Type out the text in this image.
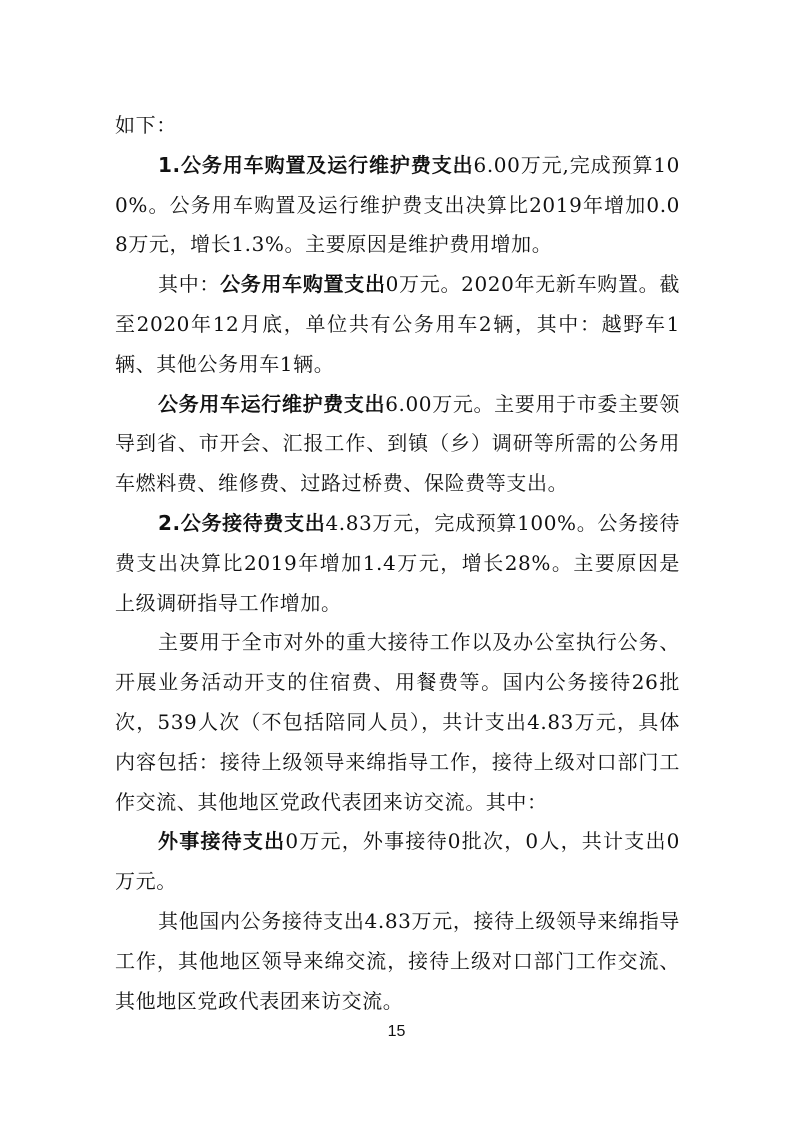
如下：

1.公务用车购置及运行维护费支出6.00万元,完成预算100%。公务用车购置及运行维护费支出决算比2019年增加0.08万元，增长1.3%。主要原因是维护费用增加。

其中：公务用车购置支出0万元。2020年无新车购置。截至2020年12月底，单位共有公务用车2辆，其中：越野车1辆、其他公务用车1辆。

公务用车运行维护费支出6.00万元。主要用于市委主要领导到省、市开会、汇报工作、到镇（乡）调研等所需的公务用车燃料费、维修费、过路过桥费、保险费等支出。

2.公务接待费支出4.83万元，完成预算100%。公务接待费支出决算比2019年增加1.4万元，增长28%。主要原因是上级调研指导工作增加。

主要用于全市对外的重大接待工作以及办公室执行公务、开展业务活动开支的住宿费、用餐费等。国内公务接待26批次，539人次（不包括陪同人员），共计支出4.83万元，具体内容包括：接待上级领导来绵指导工作，接待上级对口部门工作交流、其他地区党政代表团来访交流。其中：

外事接待支出0万元，外事接待0批次，0人，共计支出0万元。

其他国内公务接待支出4.83万元，接待上级领导来绵指导工作，其他地区领导来绵交流，接待上级对口部门工作交流、其他地区党政代表团来访交流。

15
